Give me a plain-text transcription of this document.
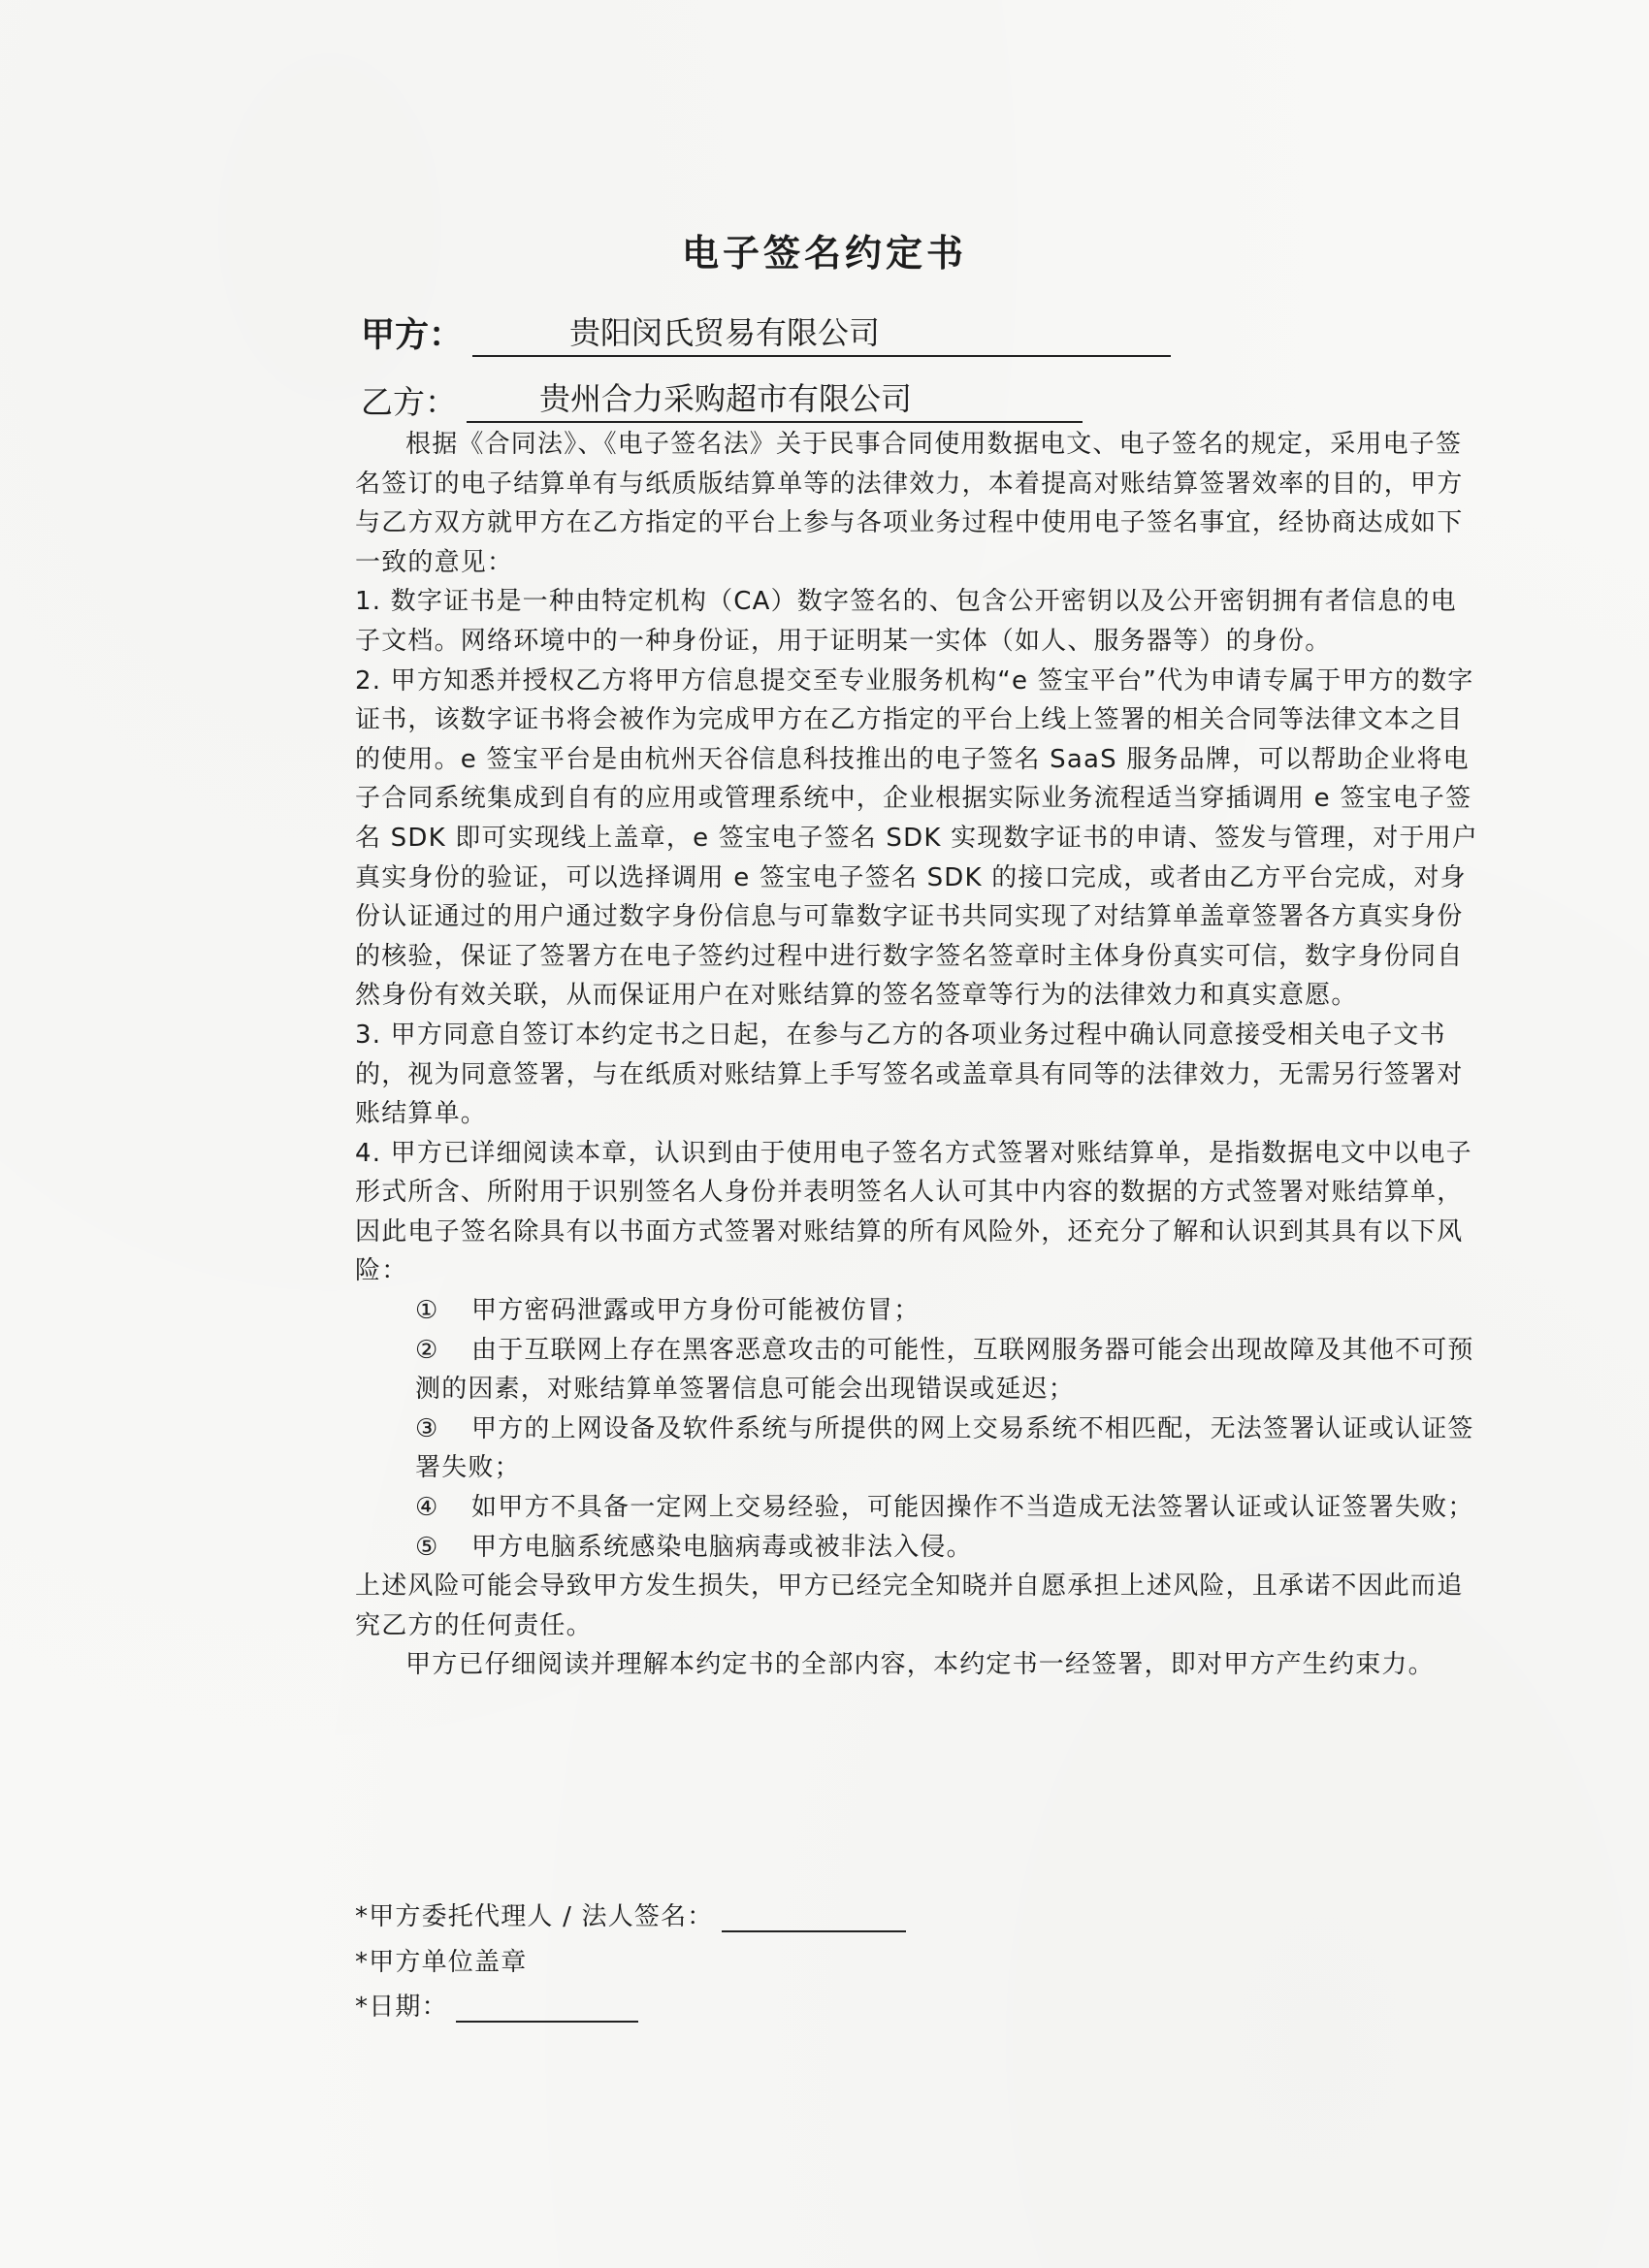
电子签名约定书
甲方：	贵阳闵氏贸易有限公司
乙方：	贵州合力采购超市有限公司

根据《合同法》、《电子签名法》关于民事合同使用数据电文、电子签名的规定，采用电子签名签订的电子结算单有与纸质版结算单等的法律效力，本着提高对账结算签署效率的目的，甲方与乙方双方就甲方在乙方指定的平台上参与各项业务过程中使用电子签名事宜，经协商达成如下一致的意见：

1. 数字证书是一种由特定机构（CA）数字签名的、包含公开密钥以及公开密钥拥有者信息的电子文档。网络环境中的一种身份证，用于证明某一实体（如人、服务器等）的身份。

2. 甲方知悉并授权乙方将甲方信息提交至专业服务机构“e 签宝平台”代为申请专属于甲方的数字证书，该数字证书将会被作为完成甲方在乙方指定的平台上线上签署的相关合同等法律文本之目的使用。e 签宝平台是由杭州天谷信息科技推出的电子签名 SaaS 服务品牌，可以帮助企业将电子合同系统集成到自有的应用或管理系统中，企业根据实际业务流程适当穿插调用 e 签宝电子签名 SDK 即可实现线上盖章，e 签宝电子签名 SDK 实现数字证书的申请、签发与管理，对于用户真实身份的验证，可以选择调用 e 签宝电子签名 SDK 的接口完成，或者由乙方平台完成，对身份认证通过的用户通过数字身份信息与可靠数字证书共同实现了对结算单盖章签署各方真实身份的核验，保证了签署方在电子签约过程中进行数字签名签章时主体身份真实可信，数字身份同自然身份有效关联，从而保证用户在对账结算的签名签章等行为的法律效力和真实意愿。

3. 甲方同意自签订本约定书之日起，在参与乙方的各项业务过程中确认同意接受相关电子文书的，视为同意签署，与在纸质对账结算上手写签名或盖章具有同等的法律效力，无需另行签署对账结算单。

4. 甲方已详细阅读本章，认识到由于使用电子签名方式签署对账结算单，是指数据电文中以电子形式所含、所附用于识别签名人身份并表明签名人认可其中内容的数据的方式签署对账结算单，因此电子签名除具有以书面方式签署对账结算的所有风险外，还充分了解和认识到其具有以下风险：

① 甲方密码泄露或甲方身份可能被仿冒；

② 由于互联网上存在黑客恶意攻击的可能性，互联网服务器可能会出现故障及其他不可预测的因素，对账结算单签署信息可能会出现错误或延迟；

③ 甲方的上网设备及软件系统与所提供的网上交易系统不相匹配，无法签署认证或认证签署失败；

④ 如甲方不具备一定网上交易经验，可能因操作不当造成无法签署认证或认证签署失败；

⑤ 甲方电脑系统感染电脑病毒或被非法入侵。

上述风险可能会导致甲方发生损失，甲方已经完全知晓并自愿承担上述风险，且承诺不因此而追究乙方的任何责任。

甲方已仔细阅读并理解本约定书的全部内容，本约定书一经签署，即对甲方产生约束力。

*甲方委托代理人 / 法人签名：
*甲方单位盖章
*日期：
